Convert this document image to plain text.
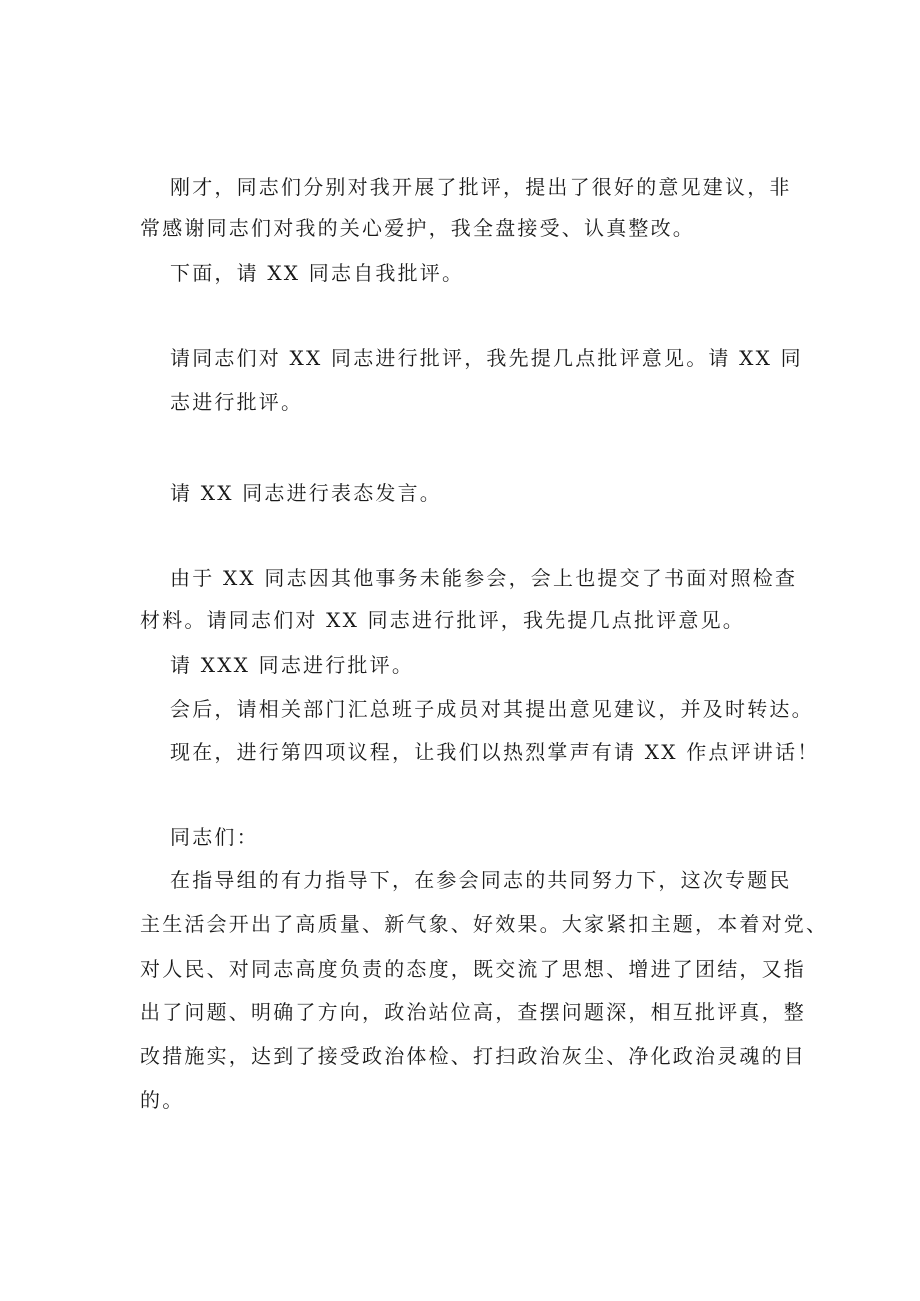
刚才，同志们分别对我开展了批评，提出了很好的意见建议，非
常感谢同志们对我的关心爱护，我全盘接受、认真整改。
下面，请 XX 同志自我批评。
请同志们对 XX 同志进行批评，我先提几点批评意见。请 XX 同
志进行批评。
请 XX 同志进行表态发言。
由于 XX 同志因其他事务未能参会，会上也提交了书面对照检查
材料。请同志们对 XX 同志进行批评，我先提几点批评意见。
请 XXX 同志进行批评。
会后，请相关部门汇总班子成员对其提出意见建议，并及时转达。
现在，进行第四项议程，让我们以热烈掌声有请 XX 作点评讲话！
同志们：
在指导组的有力指导下，在参会同志的共同努力下，这次专题民
主生活会开出了高质量、新气象、好效果。大家紧扣主题，本着对党、
对人民、对同志高度负责的态度，既交流了思想、增进了团结，又指
出了问题、明确了方向，政治站位高，查摆问题深，相互批评真，整
改措施实，达到了接受政治体检、打扫政治灰尘、净化政治灵魂的目
的。
